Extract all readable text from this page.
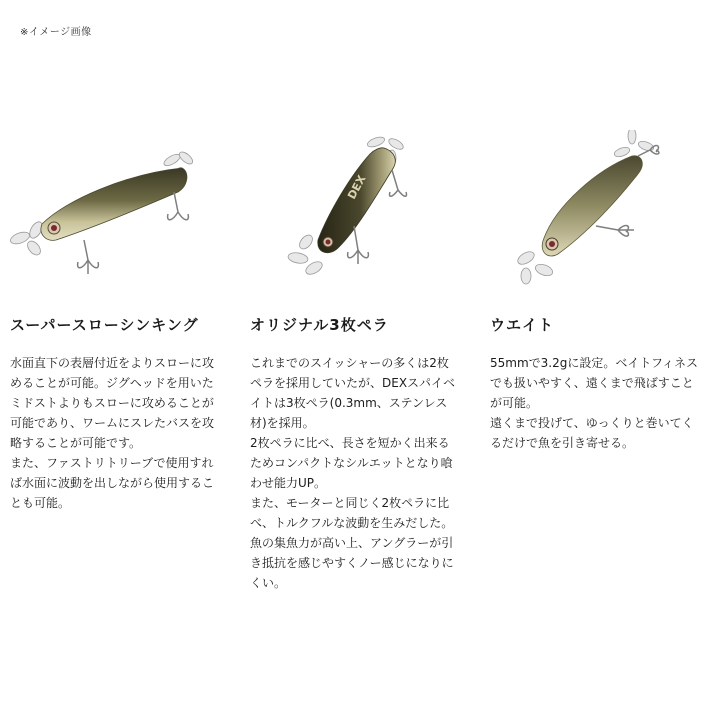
※イメージ画像
スーパースローシンキング
水面直下の表層付近をよりスローに攻
めることが可能。ジグヘッドを用いた
ミドストよりもスローに攻めることが
可能であり、ワームにスレたバスを攻
略することが可能です。
また、ファストリトリーブで使用すれ
ば水面に波動を出しながら使用するこ
とも可能。
DEX
オリジナル3枚ペラ
これまでのスイッシャーの多くは2枚
ペラを採用していたが、DEXスパイベ
イトは3枚ペラ(0.3mm、ステンレス
材)を採用。
2枚ペラに比べ、長さを短かく出来る
ためコンパクトなシルエットとなり喰
わせ能力UP。
また、モーターと同じく2枚ペラに比
べ、トルクフルな波動を生みだした。
魚の集魚力が高い上、アングラーが引
き抵抗を感じやすくノー感じになりに
くい。
ウエイト
55mmで3.2gに設定。ベイトフィネス
でも扱いやすく、遠くまで飛ばすこと
が可能。
遠くまで投げて、ゆっくりと巻いてく
るだけで魚を引き寄せる。
